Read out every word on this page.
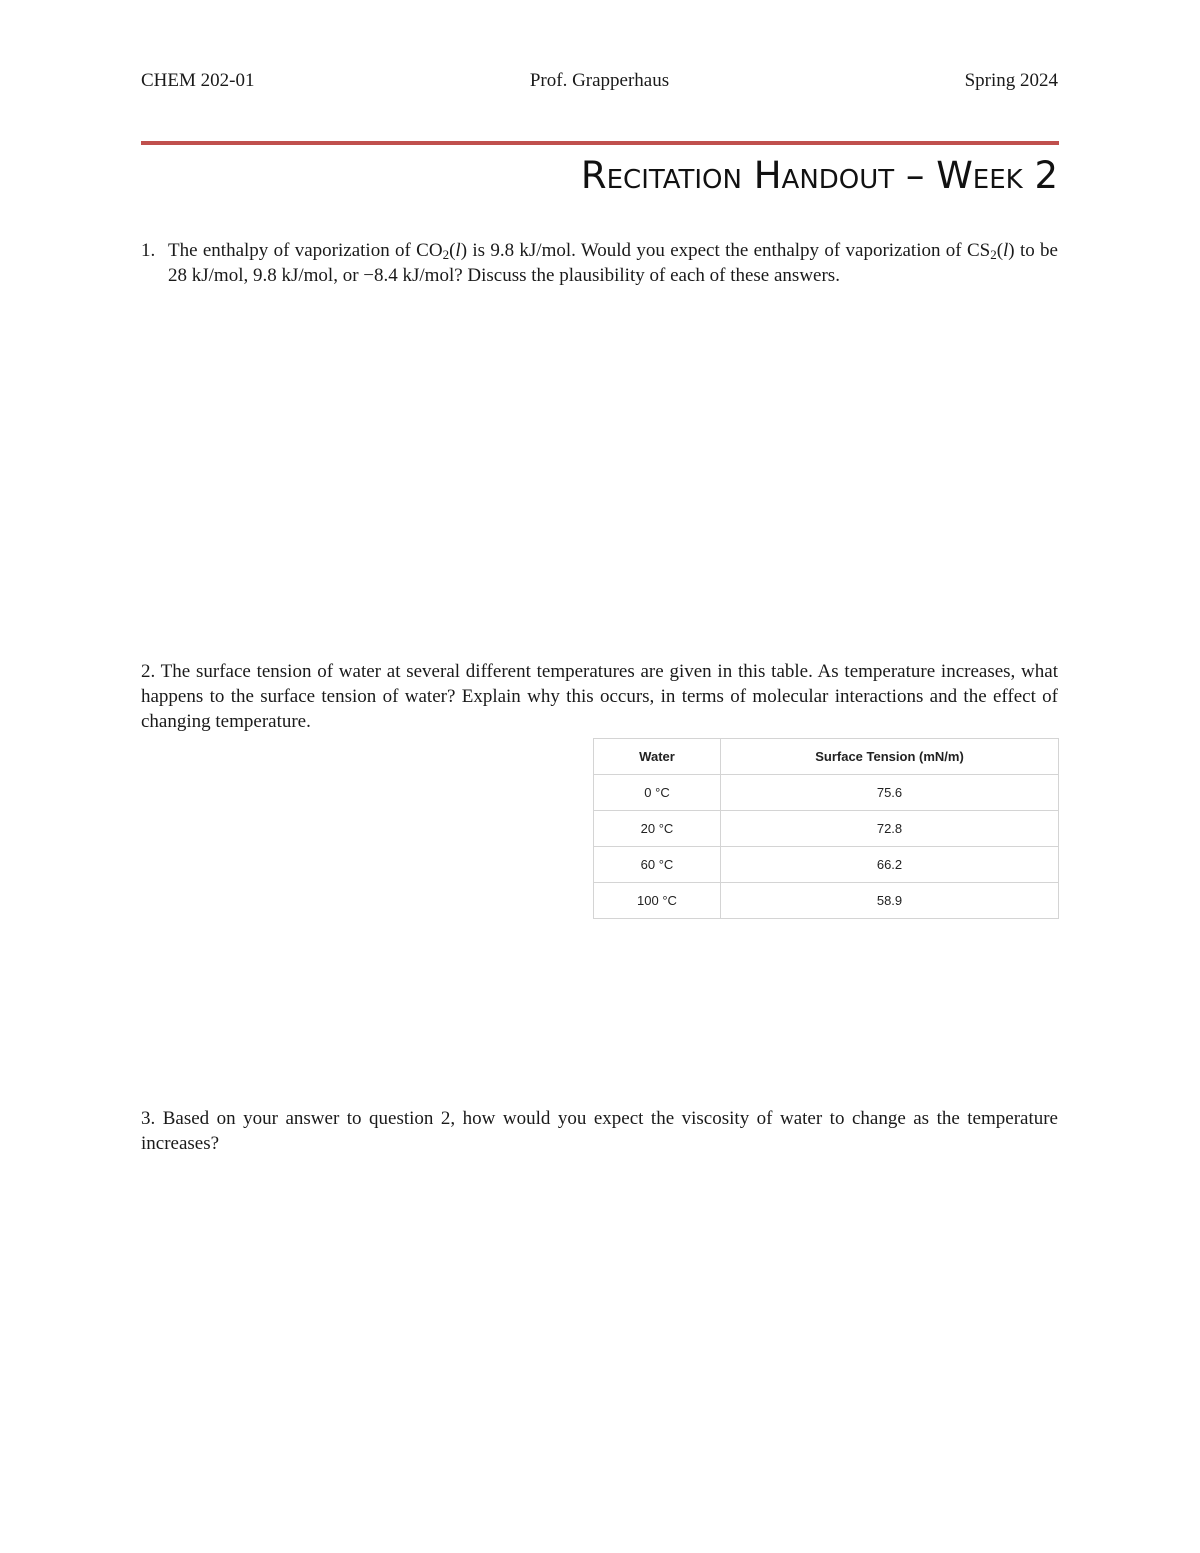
CHEM 202-01	Prof. Grapperhaus	Spring 2024
Recitation Handout – Week 2
1. The enthalpy of vaporization of $CO_2(l)$ is 9.8 kJ/mol. Would you expect the enthalpy of vaporization of $CS_2(l)$ to be 28 kJ/mol, 9.8 kJ/mol, or −8.4 kJ/mol? Discuss the plausibility of each of these answers.
2. The surface tension of water at several different temperatures are given in this table. As temperature increases, what happens to the surface tension of water? Explain why this occurs, in terms of molecular interactions and the effect of changing temperature.
Water	Surface Tension (mN/m)
0 °C	75.6
20 °C	72.8
60 °C	66.2
100 °C	58.9
3. Based on your answer to question 2, how would you expect the viscosity of water to change as the temperature increases?
